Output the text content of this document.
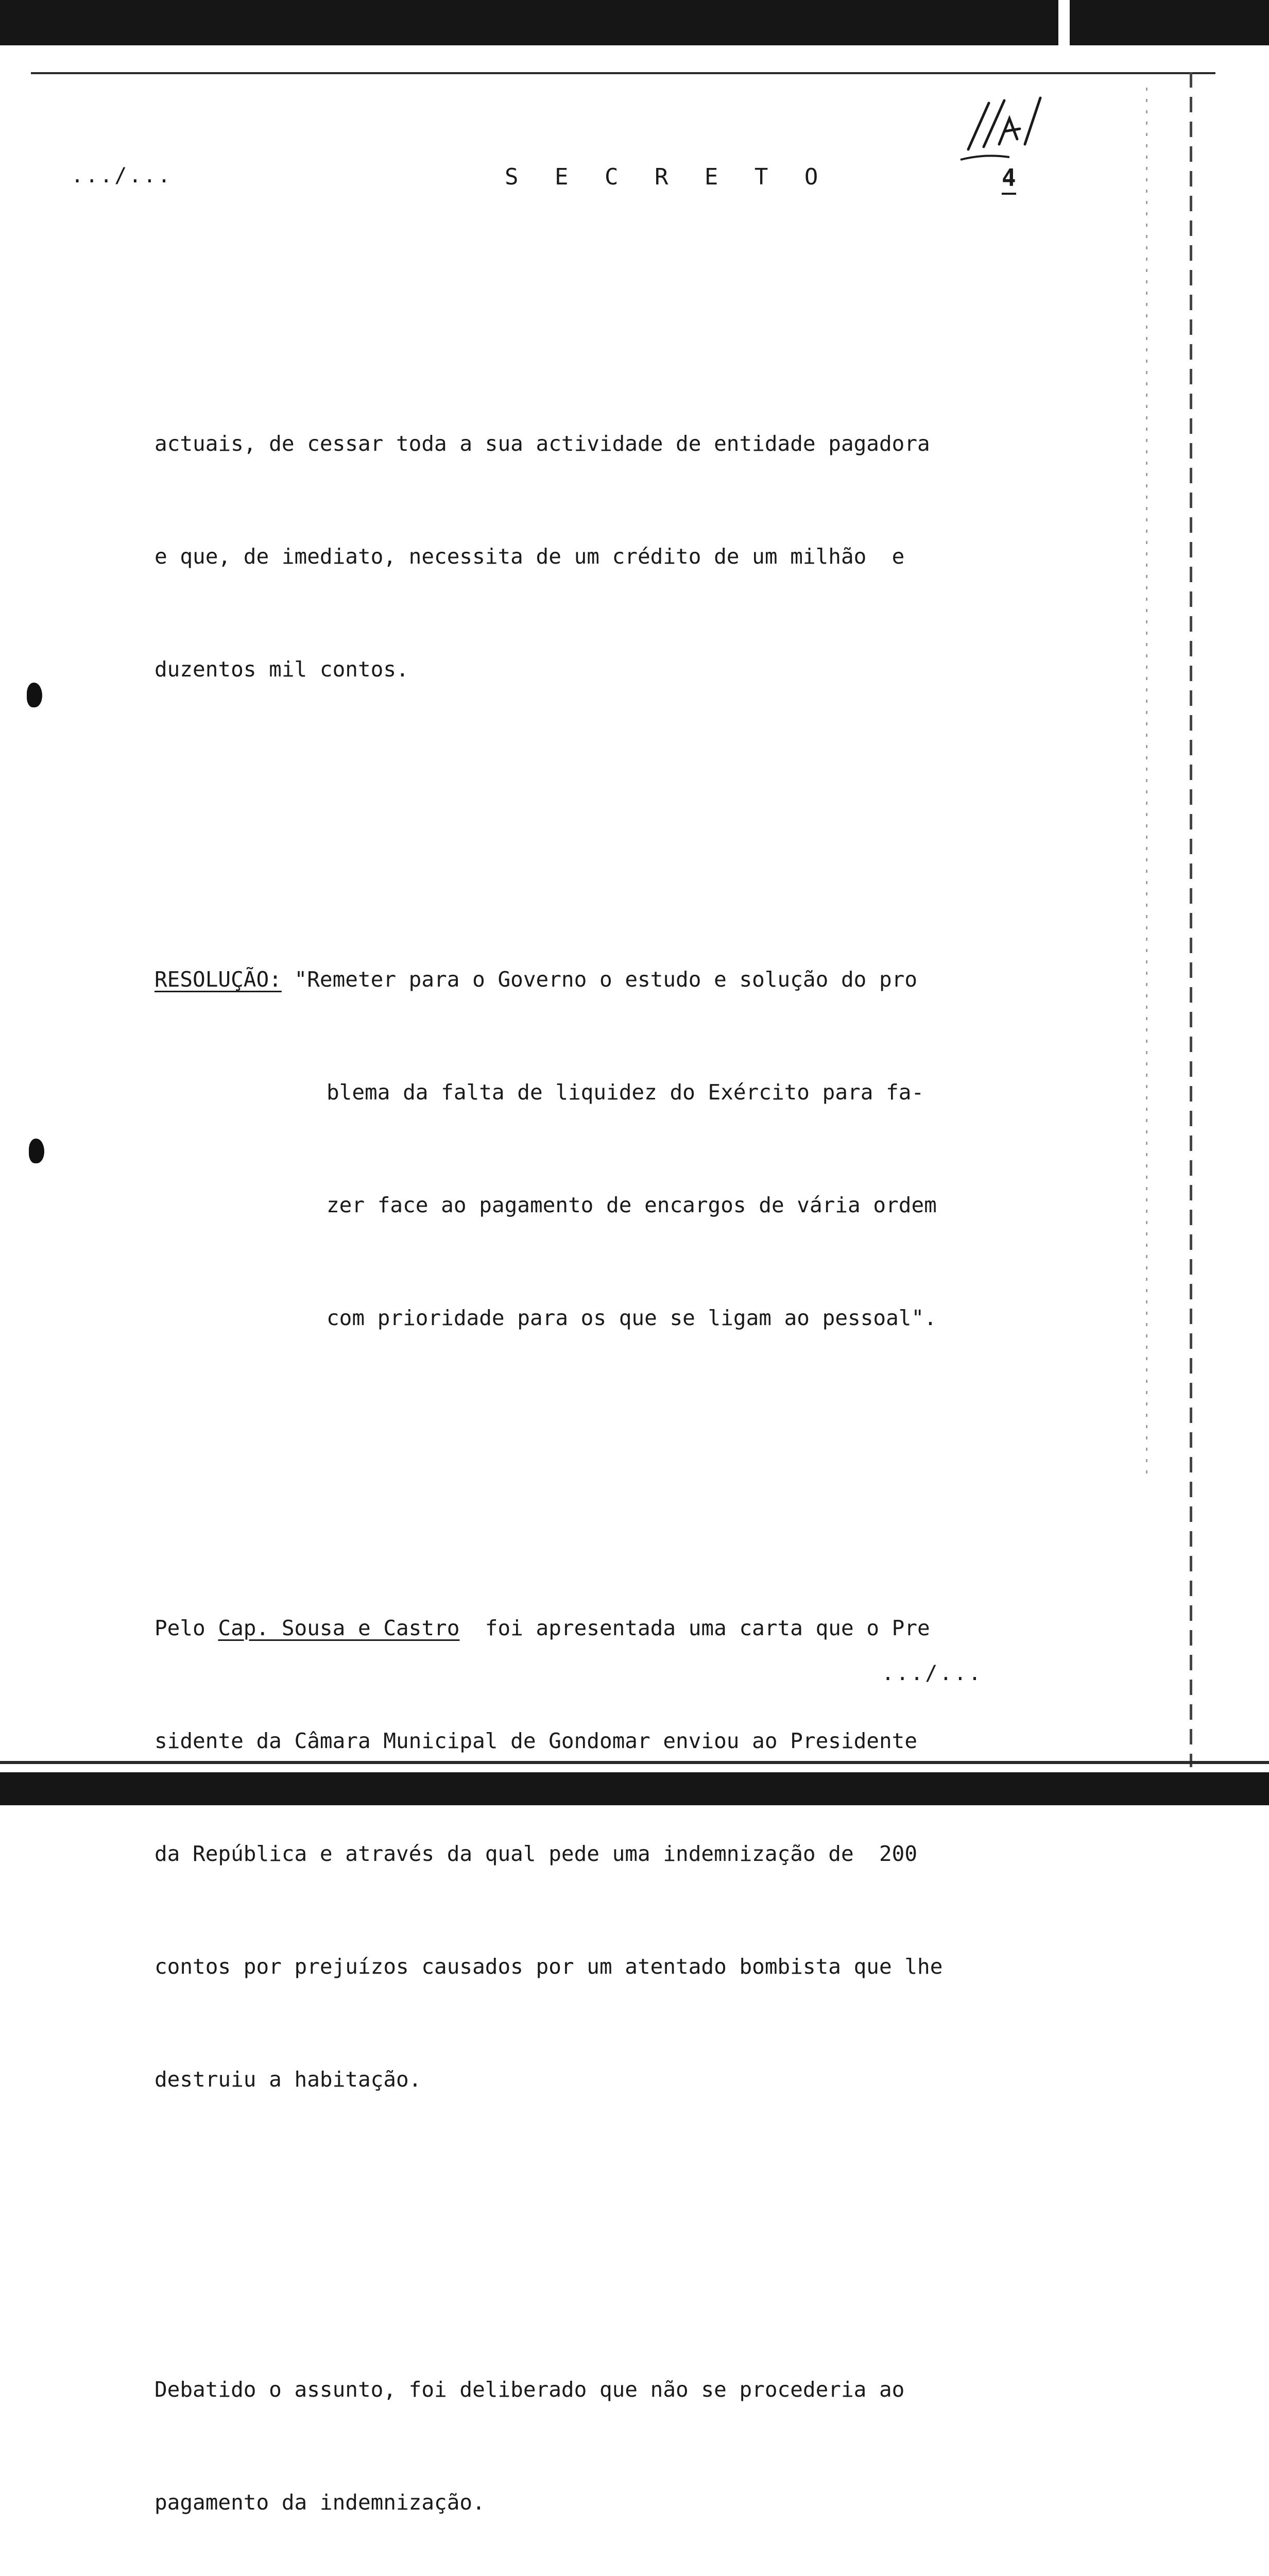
.../...	S E C R E T O	4

actuais, de cessar toda a sua actividade de entidade pagadora

e que, de imediato, necessita de um crédito de um milhão  e

duzentos mil contos.

RESOLUÇÃO: "Remeter para o Governo o estudo e solução do pro

blema da falta de liquidez do Exército para fa-

zer face ao pagamento de encargos de vária ordem

com prioridade para os que se ligam ao pessoal".

Pelo Cap. Sousa e Castro  foi apresentada uma carta que o Pre

sidente da Câmara Municipal de Gondomar enviou ao Presidente

da República e através da qual pede uma indemnização de  200

contos por prejuízos causados por um atentado bombista que lhe

destruiu a habitação.

Debatido o assunto, foi deliberado que não se procederia ao

pagamento da indemnização.

.../...
